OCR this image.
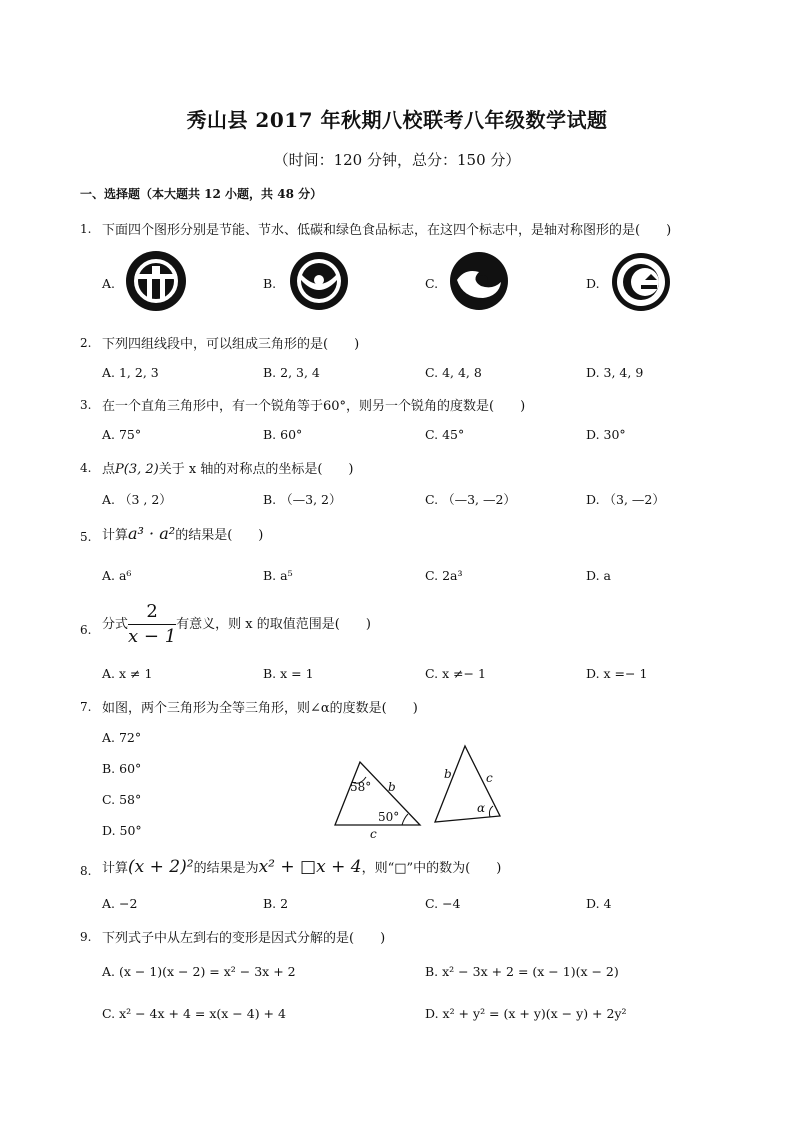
秀山县 2017 年秋期八校联考八年级数学试题
（时间：120 分钟，总分：150 分）
一、选择题（本大题共 12 小题，共 48 分）
1. 下面四个图形分别是节能、节水、低碳和绿色食品标志，在这四个标志中，是轴对称图形的是(　　)
A.	B.	C.	D.
2. 下列四组线段中，可以组成三角形的是(　　)
A. 1, 2, 3	B. 2, 3, 4	C. 4, 4, 8	D. 3, 4, 9
3. 在一个直角三角形中，有一个锐角等于60°，则另一个锐角的度数是(　　)
A. 75°	B. 60°	C. 45°	D. 30°
4. 点P(3, 2)关于 x 轴的对称点的坐标是(　　)
A. （3 , 2）	B. （—3, 2）	C. （—3, —2）	D. （3, —2）
5. 计算a³ · a²的结果是(　　)
A. a⁶	B. a⁵	C. 2a³	D. a
6. 分式 $\frac{2}{x - 1}$ 有意义，则 x 的取值范围是(　　)
A. x ≠ 1	B. x = 1	C. x ≠− 1	D. x =− 1
7. 如图，两个三角形为全等三角形，则∠α的度数是(　　)
A. 72°
B. 60°
C. 58°
D. 50°
58°
50°
b
c
b	c
α
8. 计算(x + 2)²的结果是为x² + □x + 4，则“□”中的数为(　　)
A. −2	B. 2	C. −4	D. 4
9. 下列式子中从左到右的变形是因式分解的是(　　)
A. (x − 1)(x − 2) = x² − 3x + 2	B. x² − 3x + 2 = (x − 1)(x − 2)
C. x² − 4x + 4 = x(x − 4) + 4	D. x² + y² = (x + y)(x − y) + 2y²
